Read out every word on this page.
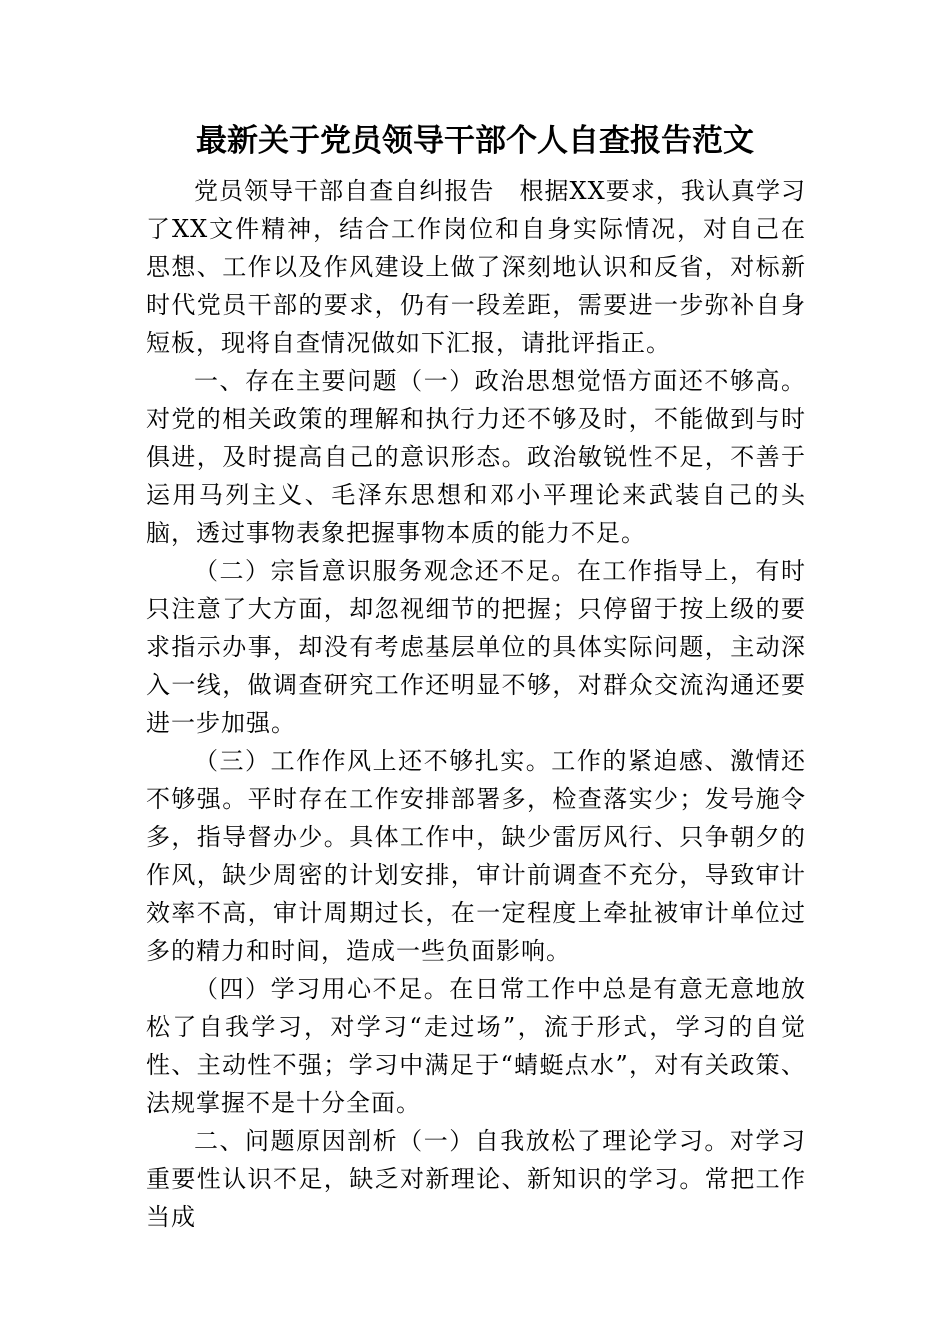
最新关于党员领导干部个人自查报告范文

党员领导干部自查自纠报告　根据XX要求，我认真学习了XX文件精神，结合工作岗位和自身实际情况，对自己在思想、工作以及作风建设上做了深刻地认识和反省，对标新时代党员干部的要求，仍有一段差距，需要进一步弥补自身短板，现将自查情况做如下汇报，请批评指正。

一、存在主要问题（一）政治思想觉悟方面还不够高。对党的相关政策的理解和执行力还不够及时，不能做到与时俱进，及时提高自己的意识形态。政治敏锐性不足，不善于运用马列主义、毛泽东思想和邓小平理论来武装自己的头脑，透过事物表象把握事物本质的能力不足。

（二）宗旨意识服务观念还不足。在工作指导上，有时只注意了大方面，却忽视细节的把握；只停留于按上级的要求指示办事，却没有考虑基层单位的具体实际问题，主动深入一线，做调查研究工作还明显不够，对群众交流沟通还要进一步加强。

（三）工作作风上还不够扎实。工作的紧迫感、激情还不够强。平时存在工作安排部署多，检查落实少；发号施令多，指导督办少。具体工作中，缺少雷厉风行、只争朝夕的作风，缺少周密的计划安排，审计前调查不充分，导致审计效率不高，审计周期过长，在一定程度上牵扯被审计单位过多的精力和时间，造成一些负面影响。

（四）学习用心不足。在日常工作中总是有意无意地放松了自我学习，对学习“走过场”，流于形式，学习的自觉性、主动性不强；学习中满足于“蜻蜓点水”，对有关政策、法规掌握不是十分全面。

二、问题原因剖析（一）自我放松了理论学习。对学习重要性认识不足，缺乏对新理论、新知识的学习。常把工作当成
